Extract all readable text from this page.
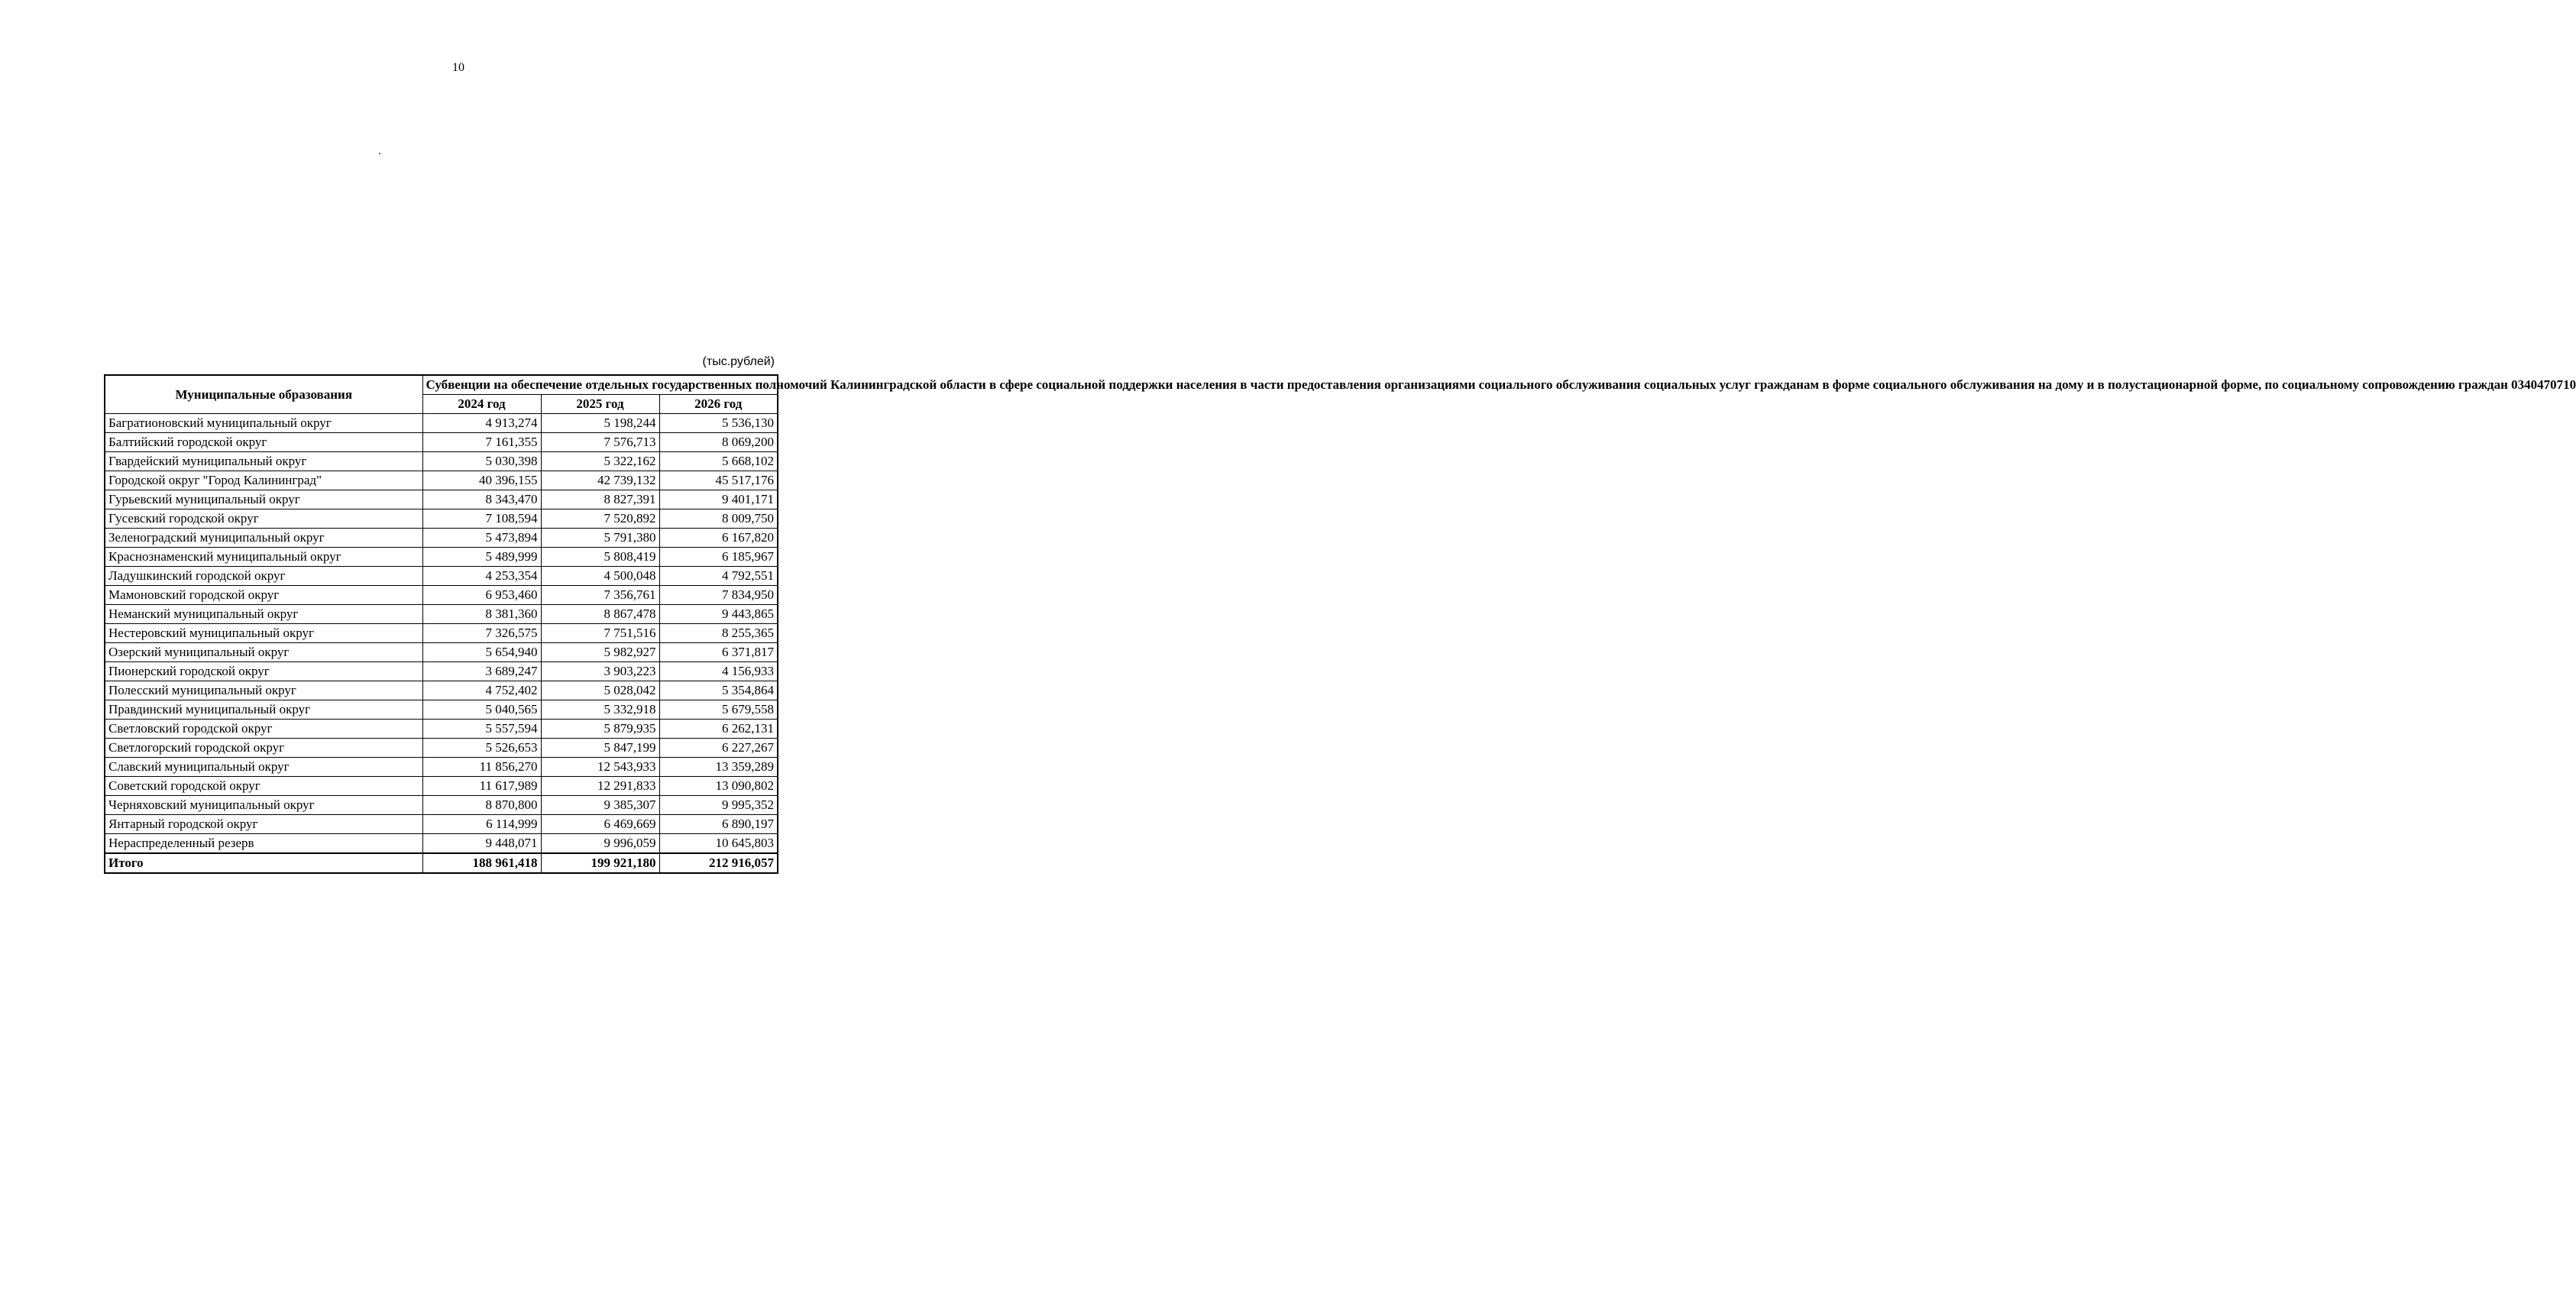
10
(тыс.рублей)
Муниципальные образования	Субвенции на обеспечение отдельных государственных полномочий Калининградской области в сфере социальной поддержки населения в части предоставления организациями социального обслуживания социальных услуг гражданам в форме социального обслуживания на дому и в полустационарной форме, по социальному сопровождению граждан 0340470710		
	2024 год	2025 год	2026 год
Багратионовский муниципальный округ	4 913,274	5 198,244	5 536,130
Балтийский городской округ	7 161,355	7 576,713	8 069,200
Гвардейский муниципальный округ	5 030,398	5 322,162	5 668,102
Городской округ "Город Калининград"	40 396,155	42 739,132	45 517,176
Гурьевский муниципальный округ	8 343,470	8 827,391	9 401,171
Гусевский городской округ	7 108,594	7 520,892	8 009,750
Зеленоградский муниципальный округ	5 473,894	5 791,380	6 167,820
Краснознаменский муниципальный округ	5 489,999	5 808,419	6 185,967
Ладушкинский городской округ	4 253,354	4 500,048	4 792,551
Мамоновский городской округ	6 953,460	7 356,761	7 834,950
Неманский муниципальный округ	8 381,360	8 867,478	9 443,865
Нестеровский муниципальный округ	7 326,575	7 751,516	8 255,365
Озерский муниципальный округ	5 654,940	5 982,927	6 371,817
Пионерский городской округ	3 689,247	3 903,223	4 156,933
Полесский муниципальный округ	4 752,402	5 028,042	5 354,864
Правдинский муниципальный округ	5 040,565	5 332,918	5 679,558
Светловский городской округ	5 557,594	5 879,935	6 262,131
Светлогорский городской округ	5 526,653	5 847,199	6 227,267
Славский муниципальный округ	11 856,270	12 543,933	13 359,289
Советский городской округ	11 617,989	12 291,833	13 090,802
Черняховский муниципальный округ	8 870,800	9 385,307	9 995,352
Янтарный городской округ	6 114,999	6 469,669	6 890,197
Нераспределенный резерв	9 448,071	9 996,059	10 645,803
Итого	188 961,418	199 921,180	212 916,057
